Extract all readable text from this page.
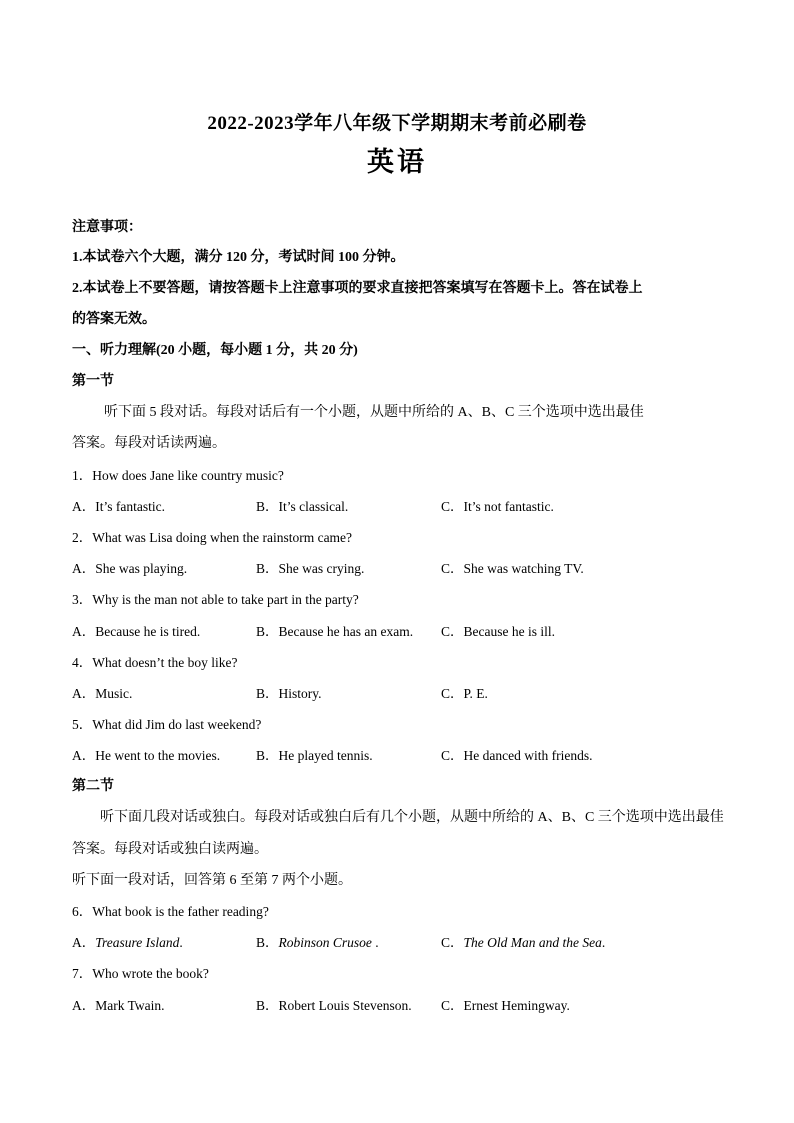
2022-2023学年八年级下学期期末考前必刷卷
英语
注意事项：
1.本试卷六个大题，满分 120 分，考试时间 100 分钟。
2.本试卷上不要答题，请按答题卡上注意事项的要求直接把答案填写在答题卡上。答在试卷上
的答案无效。
一、听力理解(20 小题，每小题 1 分，共 20 分)
第一节
听下面 5 段对话。每段对话后有一个小题，从题中所给的 A、B、C 三个选项中选出最佳
答案。每段对话读两遍。
1．How does Jane like country music?
A．It’s fantastic.	B．It’s classical.	C．It’s not fantastic.
2．What was Lisa doing when the rainstorm came?
A．She was playing.	B．She was crying.	C．She was watching TV.
3．Why is the man not able to take part in the party?
A．Because he is tired.	B．Because he has an exam. C．Because he is ill.
4．What doesn’t the boy like?
A．Music.	B．History.	C．P. E.
5．What did Jim do last weekend?
A．He went to the movies.	B．He played tennis.	C．He danced with friends.
第二节
听下面几段对话或独白。每段对话或独白后有几个小题，从题中所给的 A、B、C 三个选项中选出最佳
答案。每段对话或独白读两遍。
听下面一段对话，回答第 6 至第 7 两个小题。
6．What book is the father reading?
A．Treasure Island.	B．Robinson Crusoe .	C．The Old Man and the Sea.
7．Who wrote the book?
A．Mark Twain.	B．Robert Louis Stevenson. C．Ernest Hemingway.
